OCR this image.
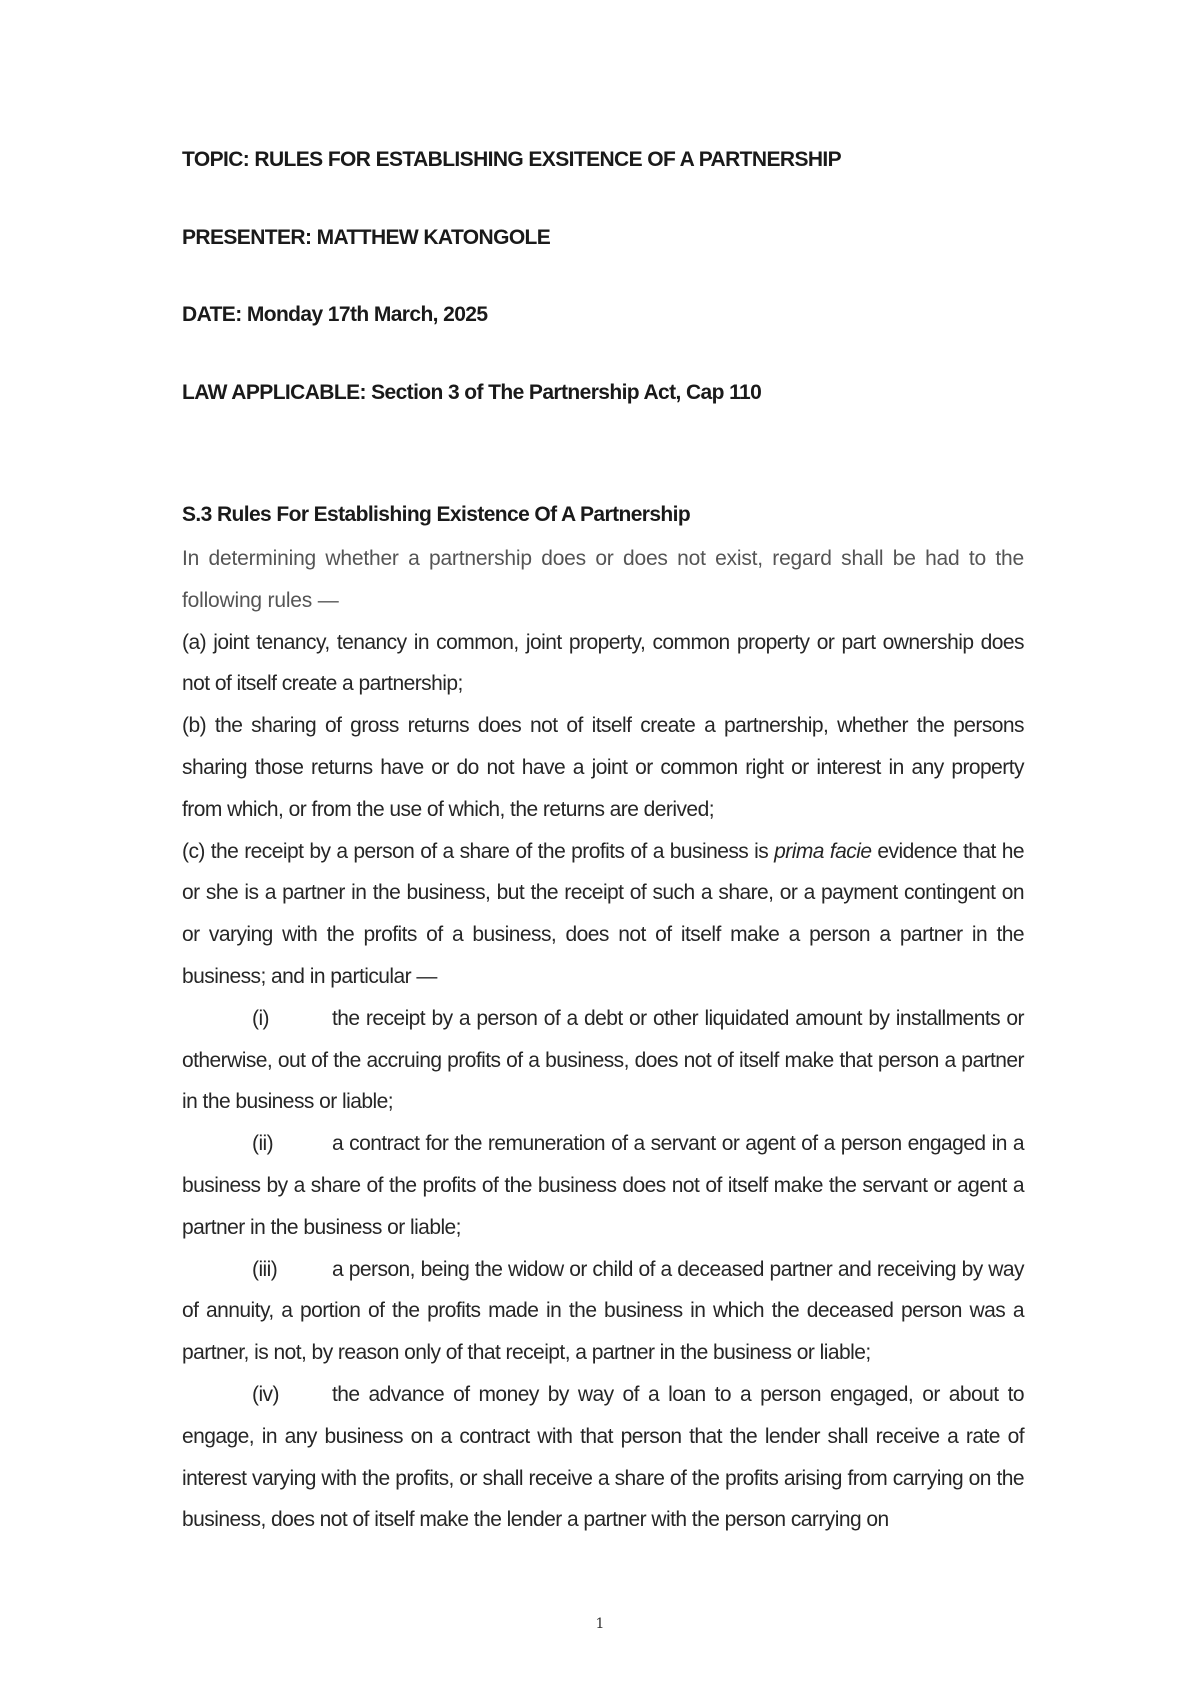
TOPIC: RULES FOR ESTABLISHING EXSITENCE OF A PARTNERSHIP
PRESENTER: MATTHEW KATONGOLE
DATE: Monday 17th March, 2025
LAW APPLICABLE: Section 3 of The Partnership Act, Cap 110
S.3 Rules For Establishing Existence Of A Partnership

In determining whether a partnership does or does not exist, regard shall be had to the following rules —

(a) joint tenancy, tenancy in common, joint property, common property or part ownership does not of itself create a partnership;

(b) the sharing of gross returns does not of itself create a partnership, whether the persons sharing those returns have or do not have a joint or common right or interest in any property from which, or from the use of which, the returns are derived;

(c) the receipt by a person of a share of the profits of a business is prima facie evidence that he or she is a partner in the business, but the receipt of such a share, or a payment contingent on or varying with the profits of a business, does not of itself make a person a partner in the business; and in particular —

(i)	the receipt by a person of a debt or other liquidated amount by installments or otherwise, out of the accruing profits of a business, does not of itself make that person a partner in the business or liable;

(ii)	a contract for the remuneration of a servant or agent of a person engaged in a business by a share of the profits of the business does not of itself make the servant or agent a partner in the business or liable;

(iii)	a person, being the widow or child of a deceased partner and receiving by way of annuity, a portion of the profits made in the business in which the deceased person was a partner, is not, by reason only of that receipt, a partner in the business or liable;

(iv)	the advance of money by way of a loan to a person engaged, or about to engage, in any business on a contract with that person that the lender shall receive a rate of interest varying with the profits, or shall receive a share of the profits arising from carrying on the business, does not of itself make the lender a partner with the person carrying on

1
